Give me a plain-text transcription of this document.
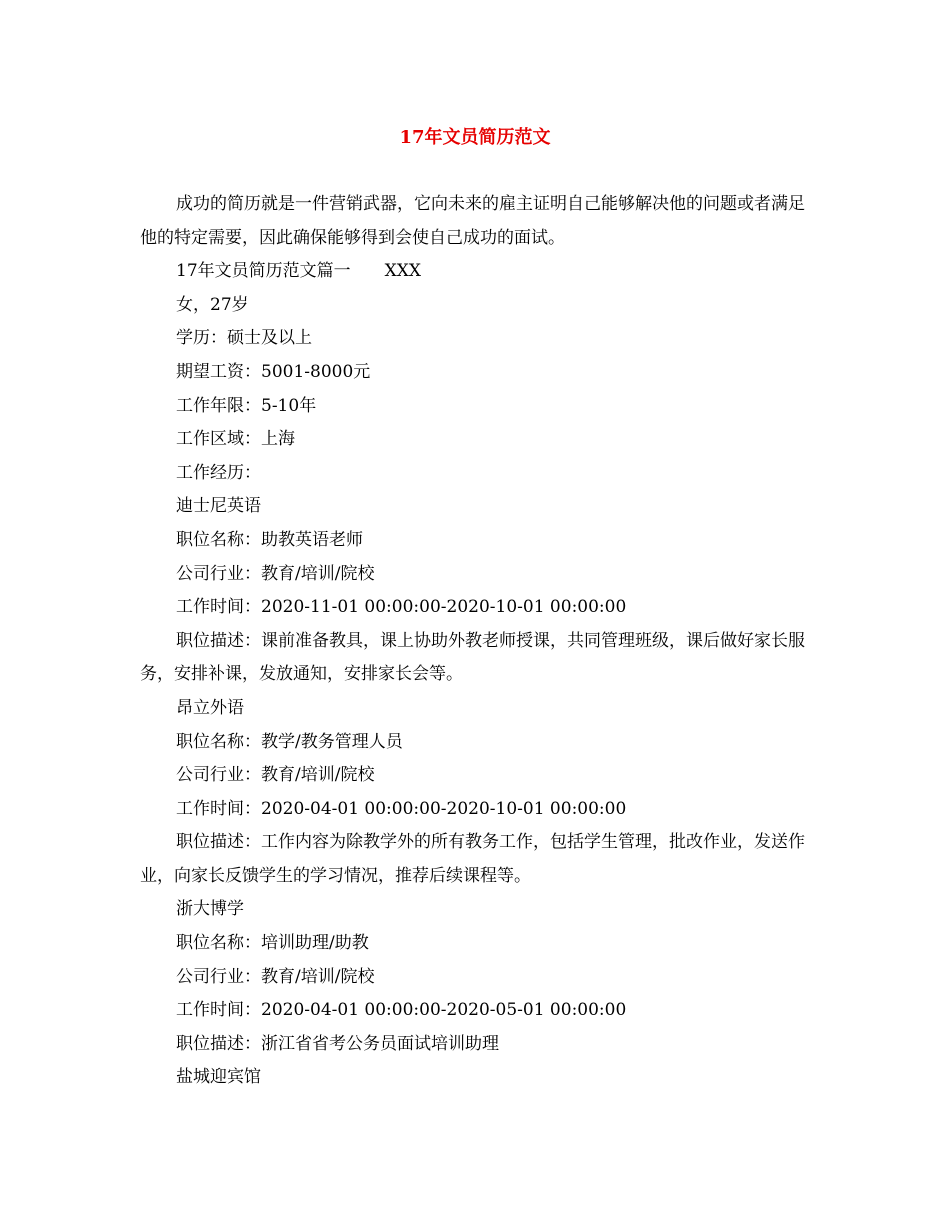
17年文员简历范文

成功的简历就是一件营销武器，它向未来的雇主证明自己能够解决他的问题或者满足他的特定需要，因此确保能够得到会使自己成功的面试。

17年文员简历范文篇一　　XXX

女，27岁

学历：硕士及以上

期望工资：5001-8000元

工作年限：5-10年

工作区域：上海

工作经历：

迪士尼英语

职位名称：助教英语老师

公司行业：教育/培训/院校

工作时间：2020-11-01 00:00:00-2020-10-01 00:00:00

职位描述：课前准备教具，课上协助外教老师授课，共同管理班级，课后做好家长服务，安排补课，发放通知，安排家长会等。

昂立外语

职位名称：教学/教务管理人员

公司行业：教育/培训/院校

工作时间：2020-04-01 00:00:00-2020-10-01 00:00:00

职位描述：工作内容为除教学外的所有教务工作，包括学生管理，批改作业，发送作业，向家长反馈学生的学习情况，推荐后续课程等。

浙大博学

职位名称：培训助理/助教

公司行业：教育/培训/院校

工作时间：2020-04-01 00:00:00-2020-05-01 00:00:00

职位描述：浙江省省考公务员面试培训助理

盐城迎宾馆
